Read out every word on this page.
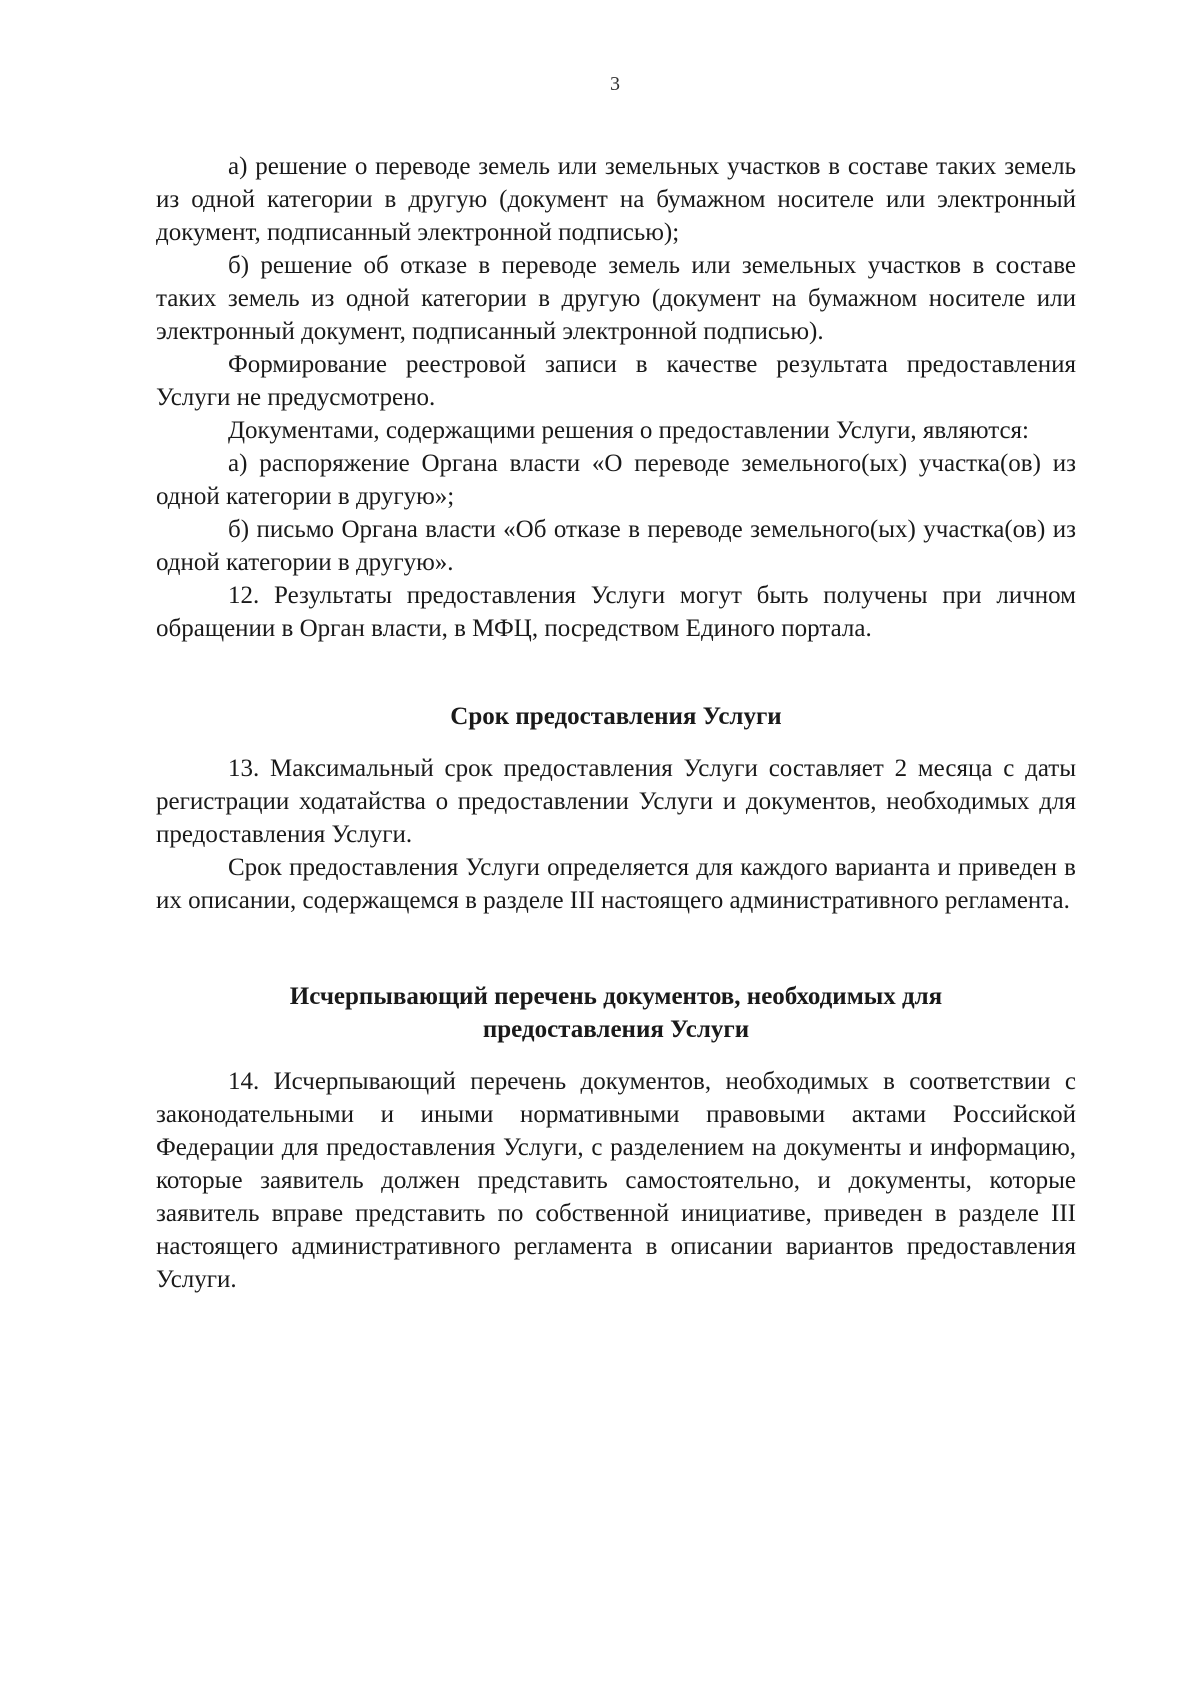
3

а) решение о переводе земель или земельных участков в составе таких земель из одной категории в другую (документ на бумажном носителе или электронный документ, подписанный электронной подписью);

б) решение об отказе в переводе земель или земельных участков в составе таких земель из одной категории в другую (документ на бумажном носителе или электронный документ, подписанный электронной подписью).

Формирование реестровой записи в качестве результата предоставления Услуги не предусмотрено.

Документами, содержащими решения о предоставлении Услуги, являются:

а) распоряжение Органа власти «О переводе земельного(ых) участка(ов) из одной категории в другую»;

б) письмо Органа власти «Об отказе в переводе земельного(ых) участка(ов) из одной категории в другую».

12. Результаты предоставления Услуги могут быть получены при личном обращении в Орган власти, в МФЦ, посредством Единого портала.

Срок предоставления Услуги

13. Максимальный срок предоставления Услуги составляет 2 месяца с даты регистрации ходатайства о предоставлении Услуги и документов, необходимых для предоставления Услуги.

Срок предоставления Услуги определяется для каждого варианта и приведен в их описании, содержащемся в разделе III настоящего административного регламента.

Исчерпывающий перечень документов, необходимых для
предоставления Услуги

14. Исчерпывающий перечень документов, необходимых в соответствии с законодательными и иными нормативными правовыми актами Российской Федерации для предоставления Услуги, с разделением на документы и информацию, которые заявитель должен представить самостоятельно, и документы, которые заявитель вправе представить по собственной инициативе, приведен в разделе III настоящего административного регламента в описании вариантов предоставления Услуги.
